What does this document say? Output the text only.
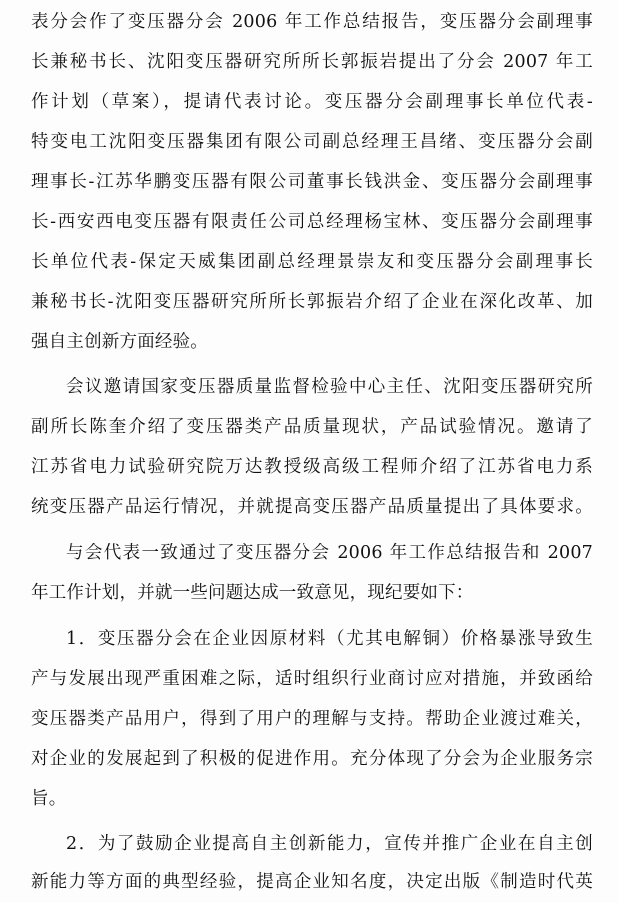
表分会作了变压器分会 2006 年工作总结报告，变压器分会副理事
长兼秘书长、沈阳变压器研究所所长郭振岩提出了分会 2007 年工
作计划（草案），提请代表讨论。变压器分会副理事长单位代表-
特变电工沈阳变压器集团有限公司副总经理王昌绪、变压器分会副
理事长-江苏华鹏变压器有限公司董事长钱洪金、变压器分会副理事
长-西安西电变压器有限责任公司总经理杨宝林、变压器分会副理事
长单位代表-保定天威集团副总经理景崇友和变压器分会副理事长
兼秘书长-沈阳变压器研究所所长郭振岩介绍了企业在深化改革、加
强自主创新方面经验。
会议邀请国家变压器质量监督检验中心主任、沈阳变压器研究所
副所长陈奎介绍了变压器类产品质量现状，产品试验情况。邀请了
江苏省电力试验研究院万达教授级高级工程师介绍了江苏省电力系
统变压器产品运行情况，并就提高变压器产品质量提出了具体要求。
与会代表一致通过了变压器分会 2006 年工作总结报告和 2007
年工作计划，并就一些问题达成一致意见，现纪要如下：
1．变压器分会在企业因原材料（尤其电解铜）价格暴涨导致生
产与发展出现严重困难之际，适时组织行业商讨应对措施，并致函给
变压器类产品用户，得到了用户的理解与支持。帮助企业渡过难关，
对企业的发展起到了积极的促进作用。充分体现了分会为企业服务宗
旨。
2．为了鼓励企业提高自主创新能力，宣传并推广企业在自主创
新能力等方面的典型经验，提高企业知名度，决定出版《制造时代英
